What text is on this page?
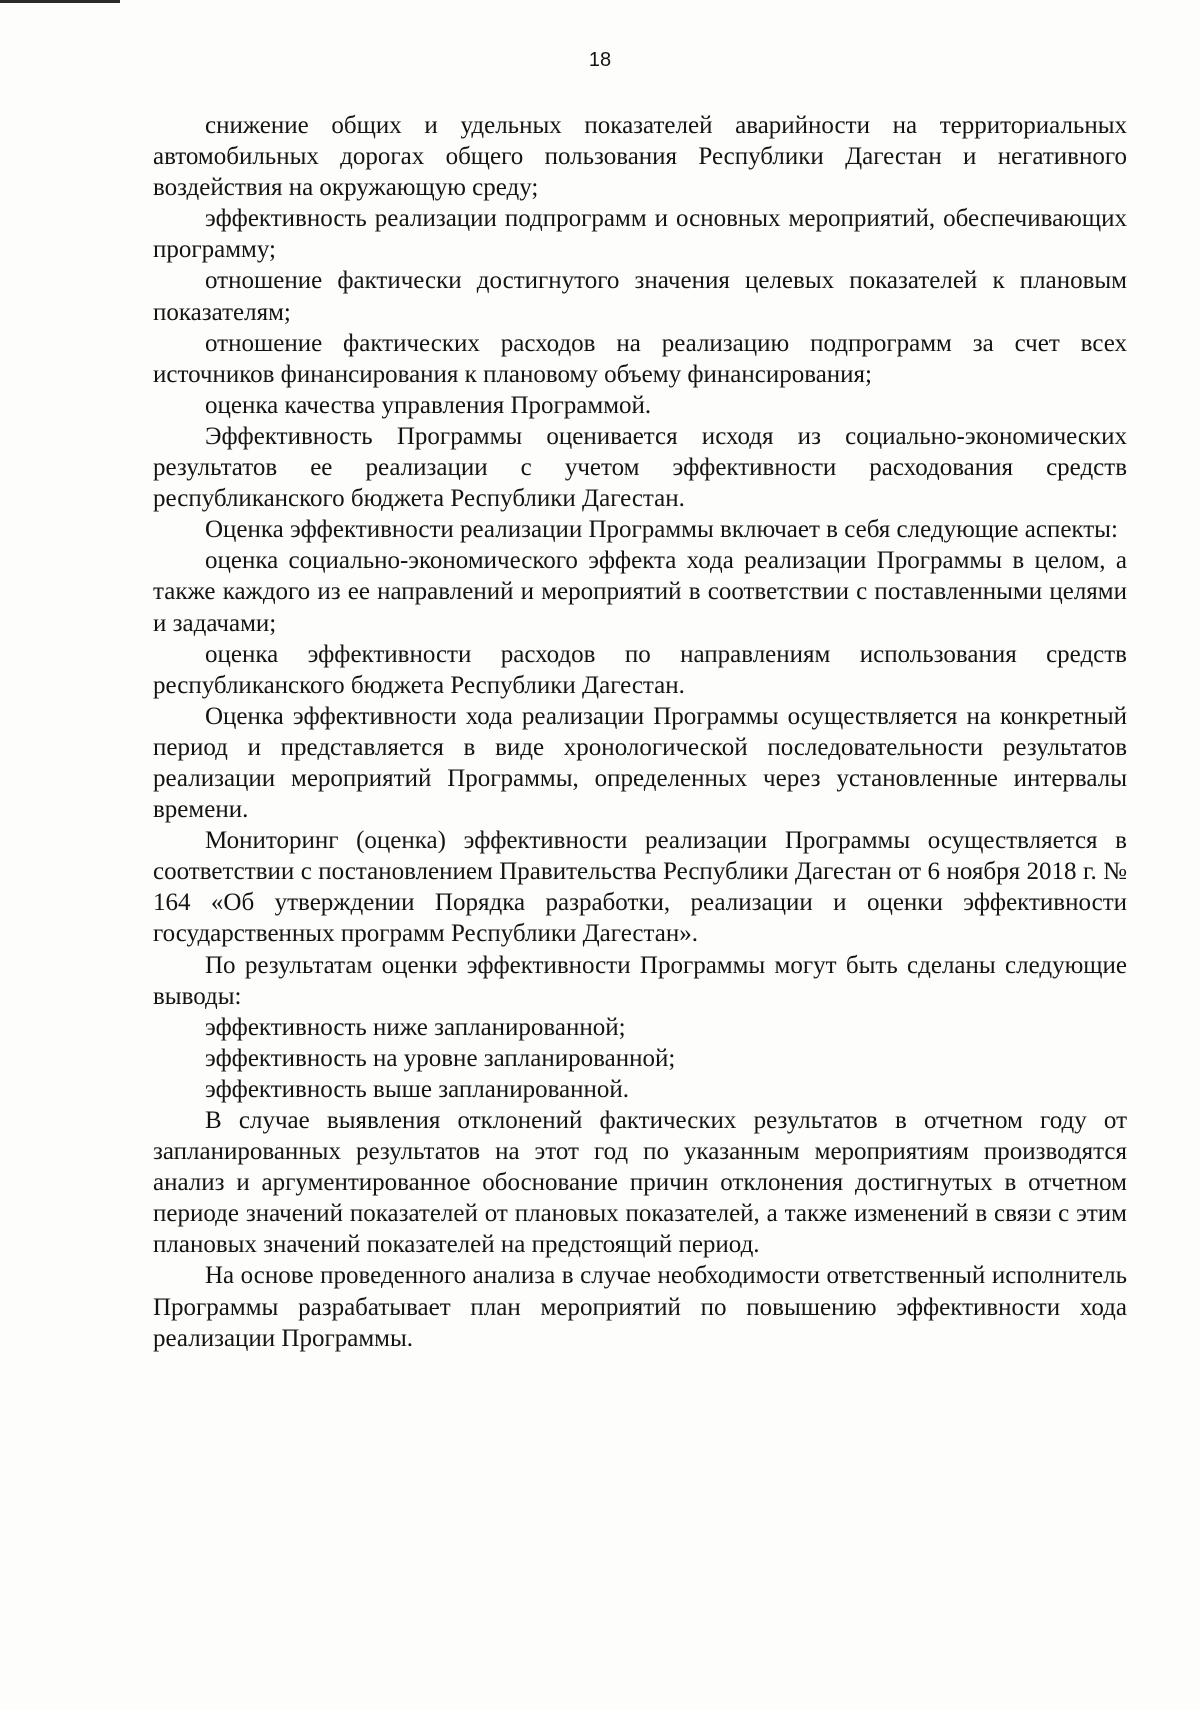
18

снижение общих и удельных показателей аварийности на территориальных автомобильных дорогах общего пользования Республики Дагестан и негативного воздействия на окружающую среду;

эффективность реализации подпрограмм и основных мероприятий, обеспечивающих программу;

отношение фактически достигнутого значения целевых показателей к плановым показателям;

отношение фактических расходов на реализацию подпрограмм за счет всех источников финансирования к плановому объему финансирования;

оценка качества управления Программой.

Эффективность Программы оценивается исходя из социально-экономических результатов ее реализации с учетом эффективности расходования средств республиканского бюджета Республики Дагестан.

Оценка эффективности реализации Программы включает в себя следующие аспекты:

оценка социально-экономического эффекта хода реализации Программы в целом, а также каждого из ее направлений и мероприятий в соответствии с поставленными целями и задачами;

оценка эффективности расходов по направлениям использования средств республиканского бюджета Республики Дагестан.

Оценка эффективности хода реализации Программы осуществляется на конкретный период и представляется в виде хронологической последовательности результатов реализации мероприятий Программы, определенных через установленные интервалы времени.

Мониторинг (оценка) эффективности реализации Программы осуществляется в соответствии с постановлением Правительства Республики Дагестан от 6 ноября 2018 г. № 164 «Об утверждении Порядка разработки, реализации и оценки эффективности государственных программ Республики Дагестан».

По результатам оценки эффективности Программы могут быть сделаны следующие выводы:

эффективность ниже запланированной;

эффективность на уровне запланированной;

эффективность выше запланированной.

В случае выявления отклонений фактических результатов в отчетном году от запланированных результатов на этот год по указанным мероприятиям производятся анализ и аргументированное обоснование причин отклонения достигнутых в отчетном периоде значений показателей от плановых показателей, а также изменений в связи с этим плановых значений показателей на предстоящий период.

На основе проведенного анализа в случае необходимости ответственный исполнитель Программы разрабатывает план мероприятий по повышению эффективности хода реализации Программы.
